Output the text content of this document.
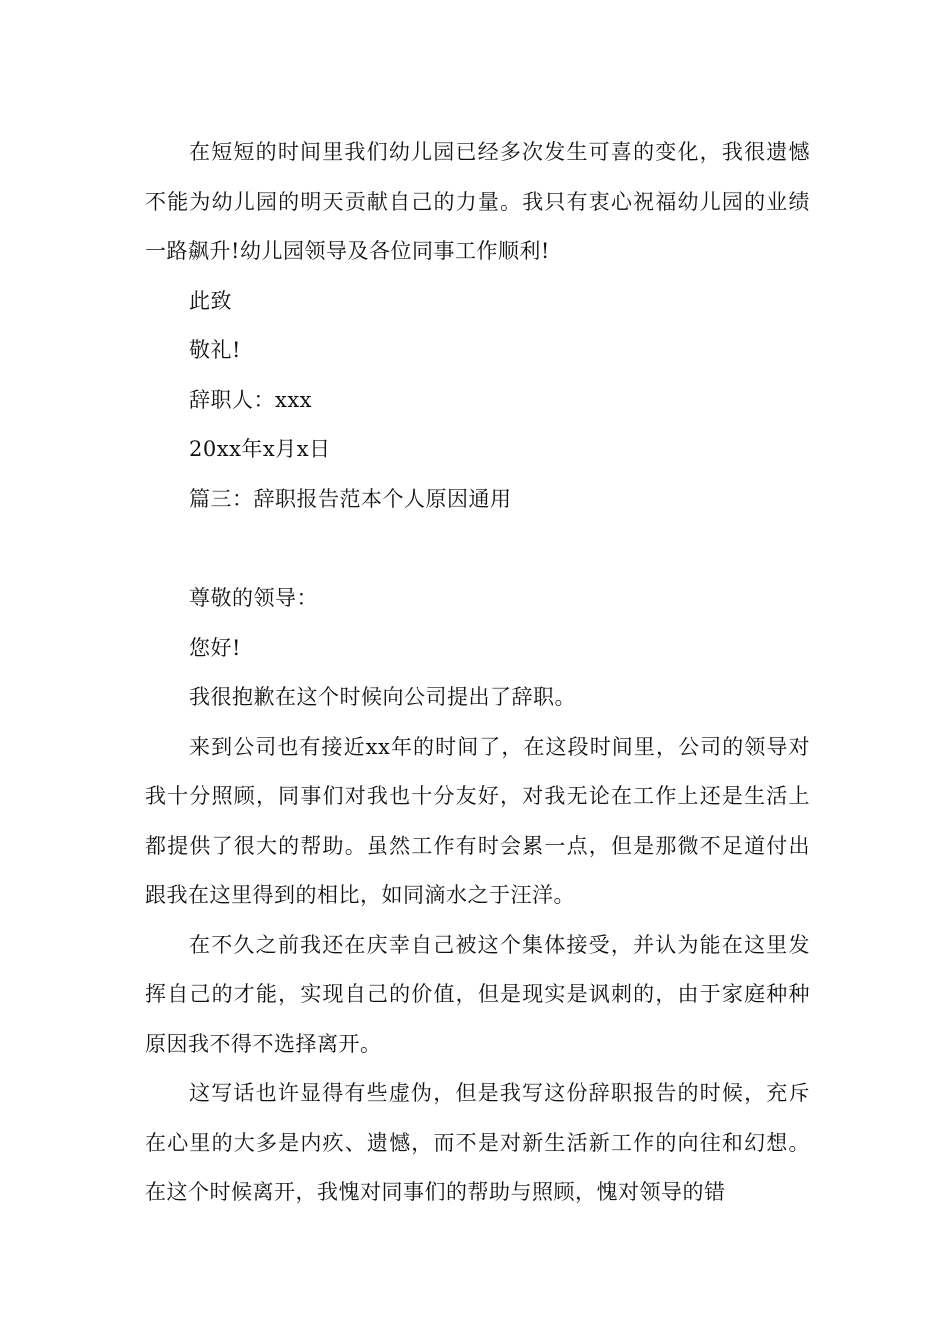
在短短的时间里我们幼儿园已经多次发生可喜的变化，我很遗憾不能为幼儿园的明天贡献自己的力量。我只有衷心祝福幼儿园的业绩一路飙升!幼儿园领导及各位同事工作顺利!

此致

敬礼!

辞职人：xxx

20xx年x月x日

篇三：辞职报告范本个人原因通用

尊敬的领导：

您好!

我很抱歉在这个时候向公司提出了辞职。

来到公司也有接近xx年的时间了，在这段时间里，公司的领导对我十分照顾，同事们对我也十分友好，对我无论在工作上还是生活上都提供了很大的帮助。虽然工作有时会累一点，但是那微不足道付出跟我在这里得到的相比，如同滴水之于汪洋。

在不久之前我还在庆幸自己被这个集体接受，并认为能在这里发挥自己的才能，实现自己的价值，但是现实是讽刺的，由于家庭种种原因我不得不选择离开。

这写话也许显得有些虚伪，但是我写这份辞职报告的时候，充斥在心里的大多是内疚、遗憾，而不是对新生活新工作的向往和幻想。在这个时候离开，我愧对同事们的帮助与照顾，愧对领导的错
